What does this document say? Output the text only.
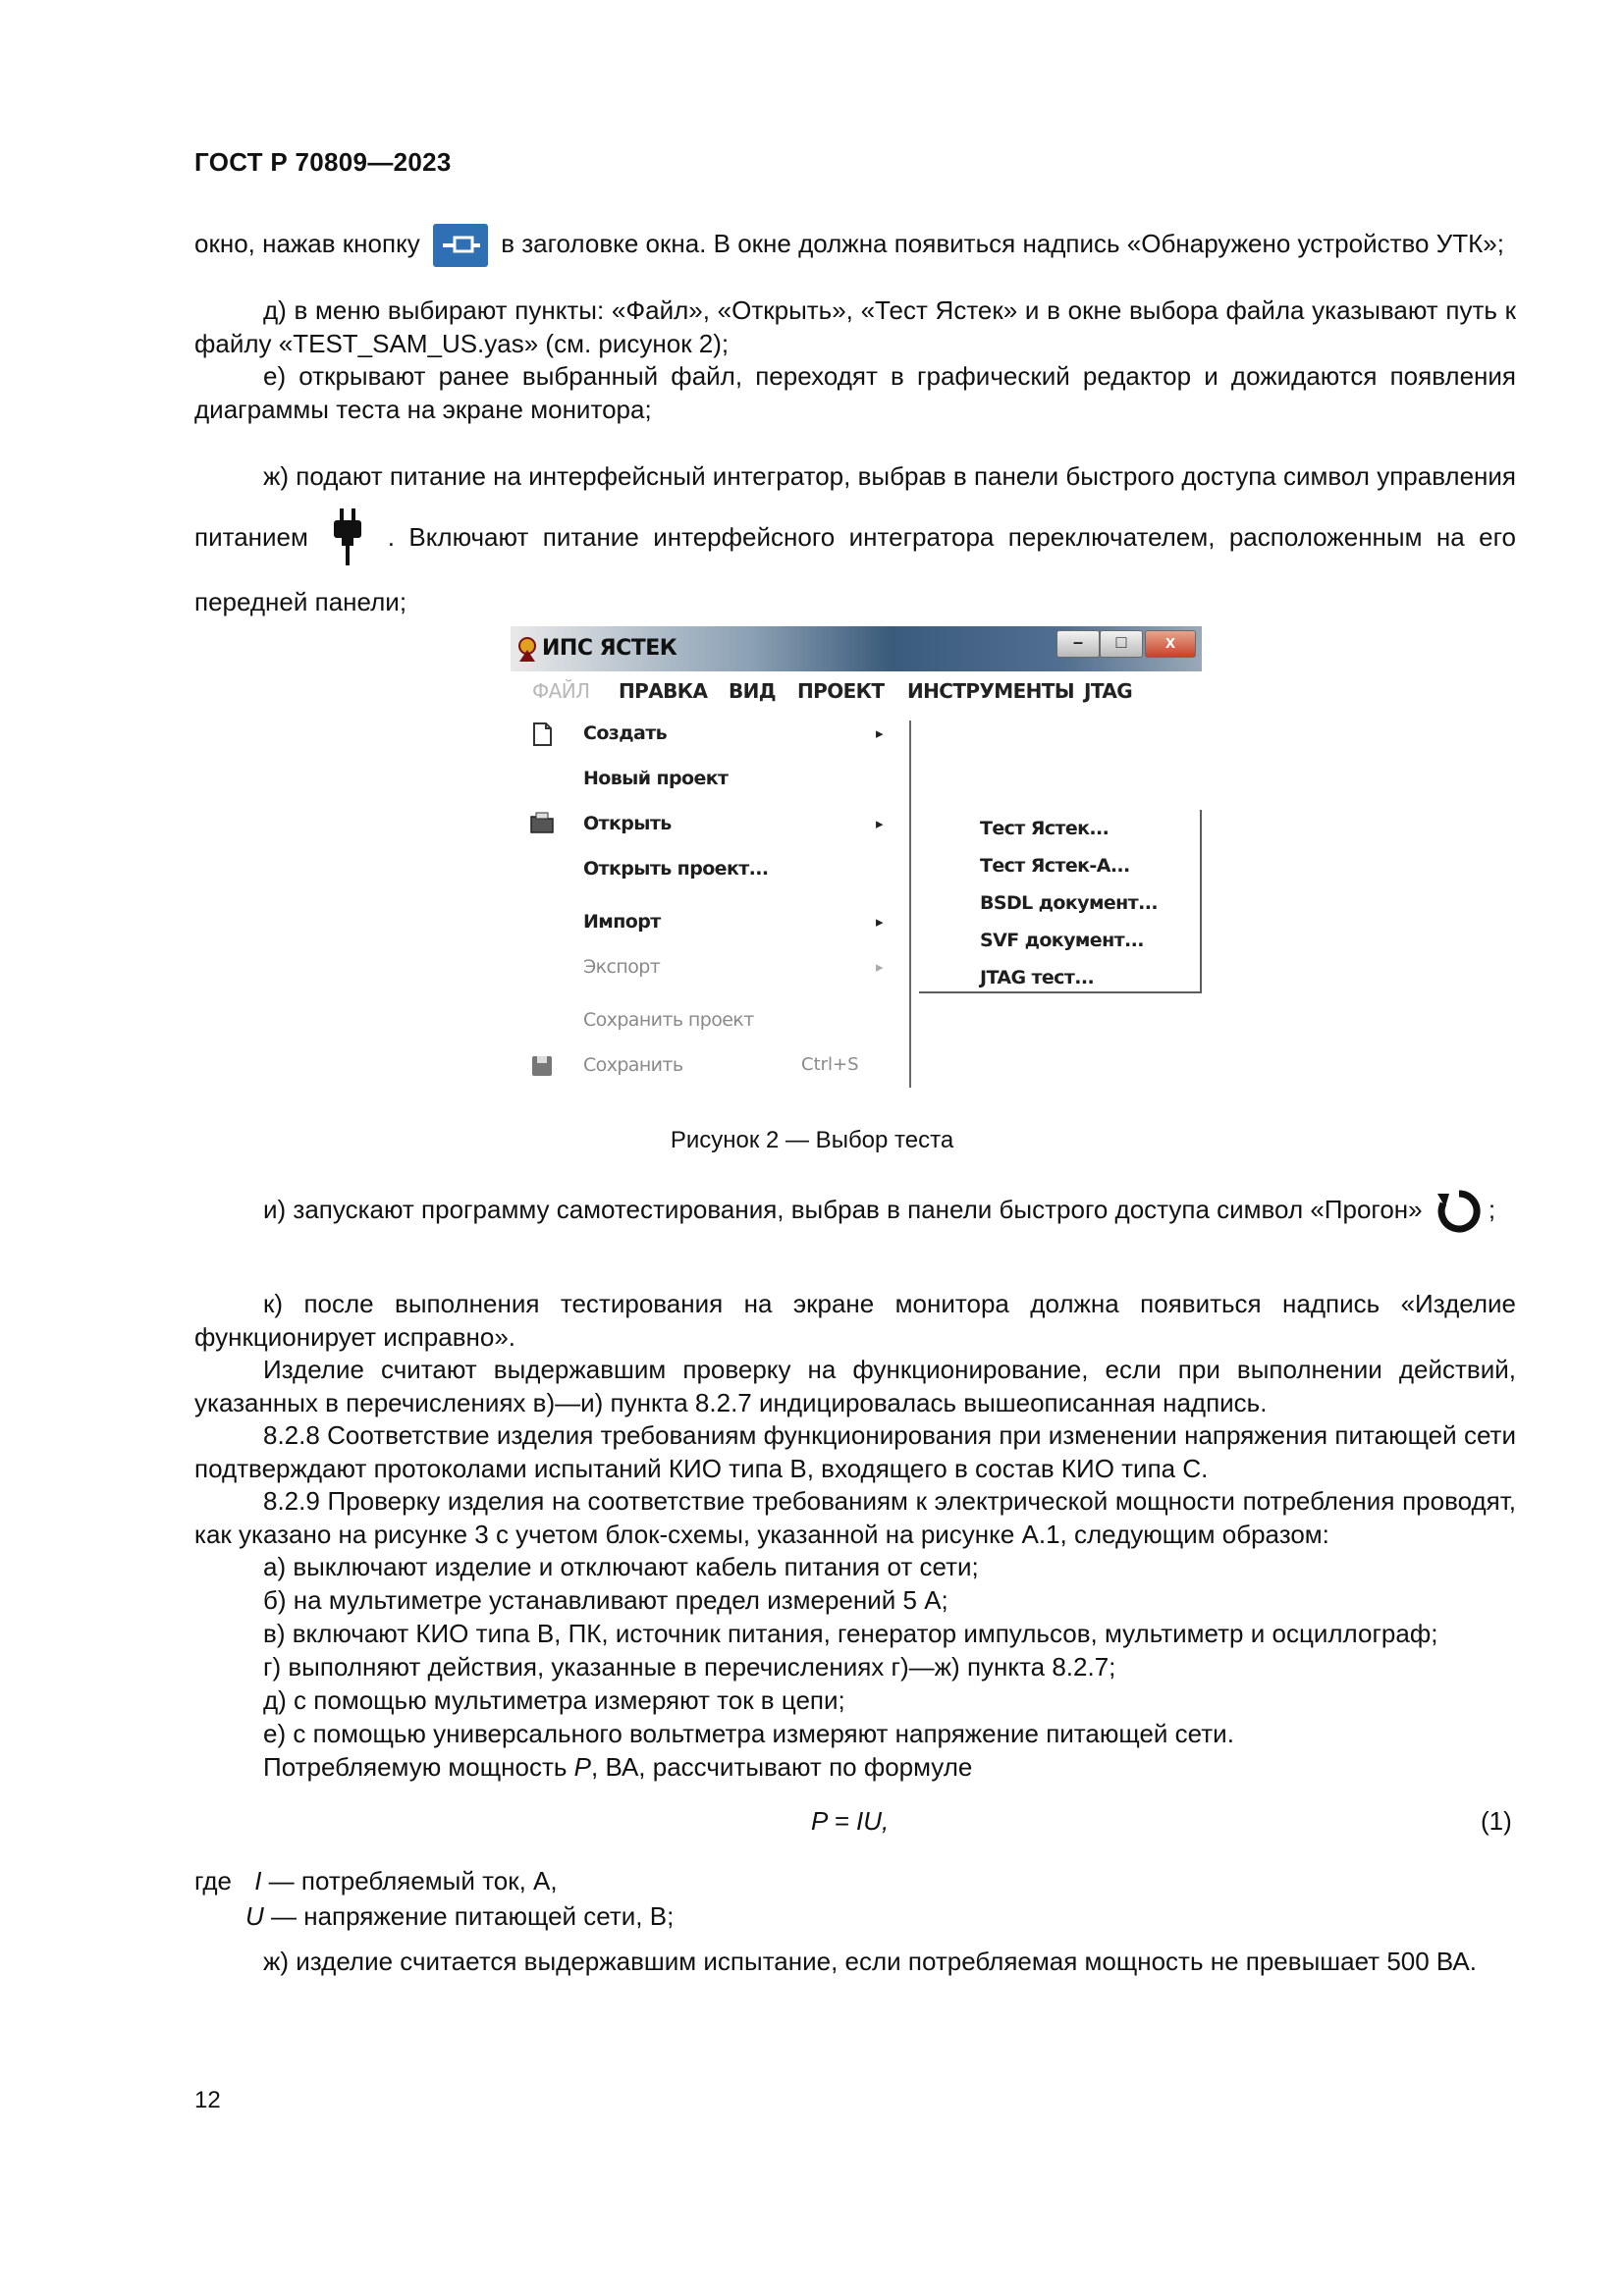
ГОСТ Р 70809—2023

окно, нажав кнопку	в заголовке окна. В окне должна появиться надпись «Обнаружено устройство УТК»;

д) в меню выбирают пункты: «Файл», «Открыть», «Тест Ястек» и в окне выбора файла указывают путь к файлу «TEST_SAM_US.yas» (см. рисунок 2);

е) открывают ранее выбранный файл, переходят в графический редактор и дожидаются появления диаграммы теста на экране монитора;

ж) подают питание на интерфейсный интегратор, выбрав в панели быстрого доступа символ управления питанием	. Включают питание интерфейсного интегратора переключателем, расположенным на его передней панели;

ИПС ЯСТЕК	–	□	x
ФАЙЛ ПРАВКА ВИД ПРОЕКТ ИНСТРУМЕНТЫ JTAG
Создать	▸
Новый проект
Открыть	▸
Открыть проект...
Импорт	▸
Экспорт	▸
Сохранить проект
Сохранить	Ctrl+S
Тест Ястек...
Тест Ястек-А...
BSDL документ...
SVF документ...
JTAG тест...
Рисунок 2 — Выбор теста

и) запускают программу самотестирования, выбрав в панели быстрого доступа символ «Прогон»	;

к) после выполнения тестирования на экране монитора должна появиться надпись «Изделие функционирует исправно».

Изделие считают выдержавшим проверку на функционирование, если при выполнении действий, указанных в перечислениях в)—и) пункта 8.2.7 индицировалась вышеописанная надпись.

8.2.8 Соответствие изделия требованиям функционирования при изменении напряжения питающей сети подтверждают протоколами испытаний КИО типа В, входящего в состав КИО типа С.

8.2.9 Проверку изделия на соответствие требованиям к электрической мощности потребления проводят, как указано на рисунке 3 с учетом блок-схемы, указанной на рисунке А.1, следующим образом:

а) выключают изделие и отключают кабель питания от сети;

б) на мультиметре устанавливают предел измерений 5 А;

в) включают КИО типа В, ПК, источник питания, генератор импульсов, мультиметр и осциллограф;

г) выполняют действия, указанные в перечислениях г)—ж) пункта 8.2.7;

д) с помощью мультиметра измеряют ток в цепи;

е) с помощью универсального вольтметра измеряют напряжение питающей сети.

Потребляемую мощность P, ВА, рассчитывают по формуле

P = IU,	(1)
где I — потребляемый ток, А,
U — напряжение питающей сети, В;

ж) изделие считается выдержавшим испытание, если потребляемая мощность не превышает 500 ВА.

12
